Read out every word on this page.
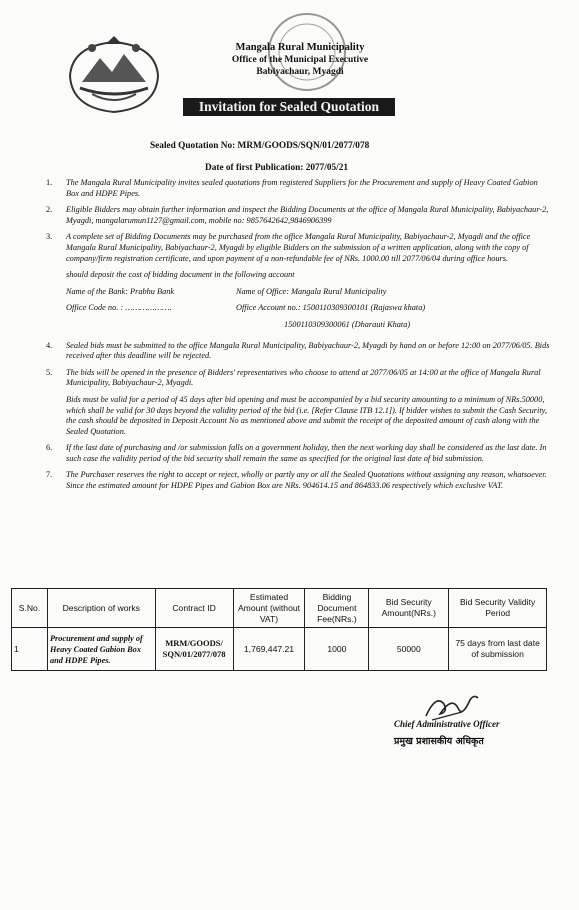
Mangala Rural Municipality
Office of the Municipal Executive
Babiyachaur, Myagdi
Invitation for Sealed Quotation
Sealed Quotation No: MRM/GOODS/SQN/01/2077/078
Date of first Publication: 2077/05/21
1. The Mangala Rural Municipality invites sealed quotations from registered Suppliers for the Procurement and supply of Heavy Coated Gabion Box and HDPE Pipes.
2. Eligible Bidders may obtain further information and inspect the Bidding Documents at the office of Mangala Rural Municipality, Babiyachaur-2, Myagdi, mangalarumun1127@gmail.com, mobile no: 9857642642,9846906399
3. A complete set of Bidding Documents may be purchased from the office Mangala Rural Municipality, Babiyachaur-2, Myagdi and the office Mangala Rural Municipality, Babiyachaur-2, Myagdi by eligible Bidders on the submission of a written application, along with the copy of company/firm registration certificate, and upon payment of a non-refundable fee of NRs. 1000.00 till 2077/06/04 during office hours.
should deposit the cost of bidding document in the following account
Name of the Bank: Prabhu Bank	Name of Office: Mangala Rural Municipality
Office Code no. : ……………….	Office Account no.: 1500110309300101 (Rajaswa khata)
1500110309300061 (Dharauti Khata)
4. Sealed bids must be submitted to the office Mangala Rural Municipality, Babiyachaur-2, Myagdi by hand on or before 12:00 on 2077/06/05. Bids received after this deadline will be rejected.
5. The bids will be opened in the presence of Bidders' representatives who choose to attend at 2077/06/05 at 14:00 at the office of Mangala Rural Municipality, Babiyachaur-2, Myagdi.
Bids must be valid for a period of 45 days after bid opening and must be accompanied by a bid security amounting to a minimum of NRs.50000, which shall be valid for 30 days beyond the validity period of the bid (i.e. [Refer Clause ITB 12.1]). If bidder wishes to submit the Cash Security, the cash should be deposited in Deposit Account No as mentioned above and submit the receipt of the deposited amount of cash along with the Sealed Quotation.
6. If the last date of purchasing and /or submission falls on a government holiday, then the next working day shall be considered as the last date. In such case the validity period of the bid security shall remain the same as specified for the original last date of bid submission.
7. The Purchaser reserves the right to accept or reject, wholly or partly any or all the Sealed Quotations without assigning any reason, whatsoever. Since the estimated amount for HDPE Pipes and Gabion Box are NRs. 904614.15 and 864833.06 respectively which exclusive VAT.
S.No.	Description of works	Contract ID	Estimated Amount (without VAT)	Bidding Document Fee(NRs.)	Bid Security Amount(NRs.)	Bid Security Validity Period
1	Procurement and supply of Heavy Coated Gabion Box and HDPE Pipes.	MRM/GOODS/ SQN/01/2077/078	1,769,447.21	1000	50000	75 days from last date of submission
Chief Administrative Officer
प्रमुख प्रशासकीय अधिकृत
